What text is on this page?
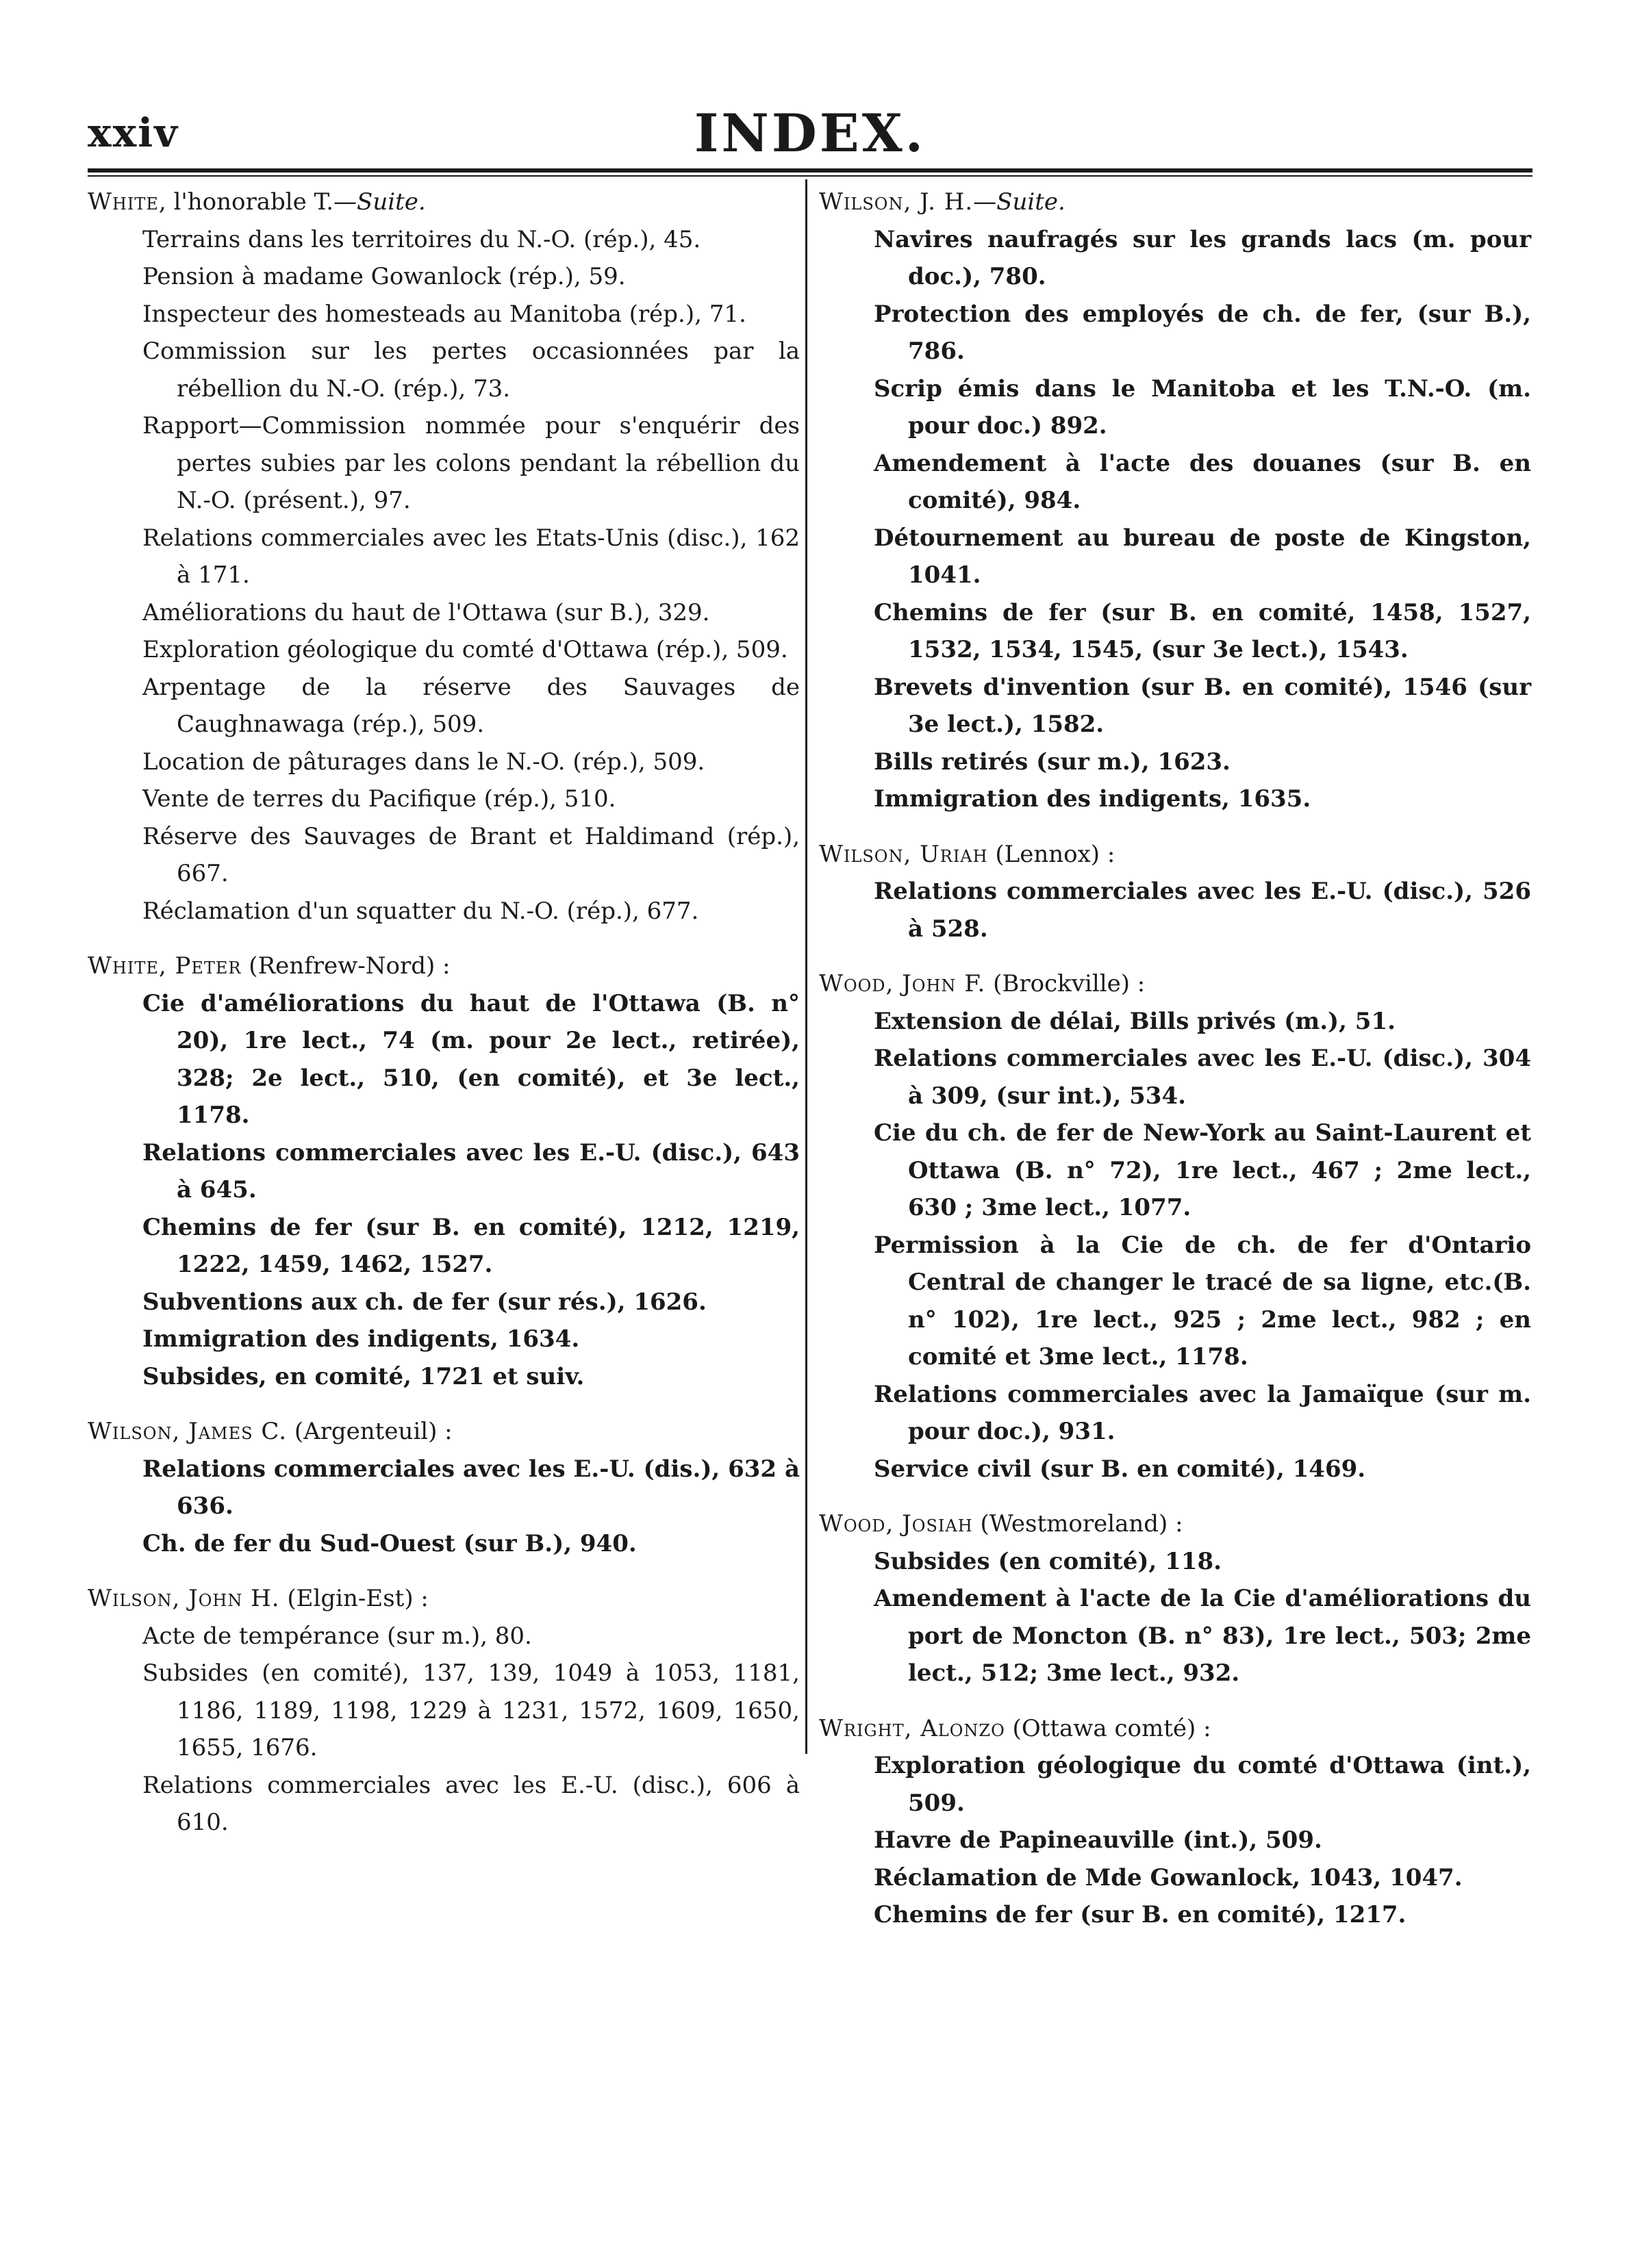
xxiv	INDEX.
White, l'honorable T.—Suite.
Terrains dans les territoires du N.-O. (rép.), 45.
Pension à madame Gowanlock (rép.), 59.
Inspecteur des homesteads au Manitoba (rép.), 71.
Commission sur les pertes occasionnées par la rébellion du N.-O. (rép.), 73.
Rapport—Commission nommée pour s'enquérir des pertes subies par les colons pendant la rébellion du N.-O. (présent.), 97.
Relations commerciales avec les Etats-Unis (disc.), 162 à 171.
Améliorations du haut de l'Ottawa (sur B.), 329.
Exploration géologique du comté d'Ottawa (rép.), 509.
Arpentage de la réserve des Sauvages de Caughnawaga (rép.), 509.
Location de pâturages dans le N.-O. (rép.), 509.
Vente de terres du Pacifique (rép.), 510.
Réserve des Sauvages de Brant et Haldimand (rép.), 667.
Réclamation d'un squatter du N.-O. (rép.), 677.
White, Peter (Renfrew-Nord) :
Cie d'améliorations du haut de l'Ottawa (B. n° 20), 1re lect., 74 (m. pour 2e lect., retirée), 328; 2e lect., 510, (en comité), et 3e lect., 1178.
Relations commerciales avec les E.-U. (disc.), 643 à 645.
Chemins de fer (sur B. en comité), 1212, 1219, 1222, 1459, 1462, 1527.
Subventions aux ch. de fer (sur rés.), 1626.
Immigration des indigents, 1634.
Subsides, en comité, 1721 et suiv.
Wilson, James C. (Argenteuil) :
Relations commerciales avec les E.-U. (dis.), 632 à 636.
Ch. de fer du Sud-Ouest (sur B.), 940.
Wilson, John H. (Elgin-Est) :
Acte de tempérance (sur m.), 80.
Subsides (en comité), 137, 139, 1049 à 1053, 1181, 1186, 1189, 1198, 1229 à 1231, 1572, 1609, 1650, 1655, 1676.
Relations commerciales avec les E.-U. (disc.), 606 à 610.
Wilson, J. H.—Suite.
Navires naufragés sur les grands lacs (m. pour doc.), 780.
Protection des employés de ch. de fer, (sur B.), 786.
Scrip émis dans le Manitoba et les T.N.-O. (m. pour doc.) 892.
Amendement à l'acte des douanes (sur B. en comité), 984.
Détournement au bureau de poste de Kingston, 1041.
Chemins de fer (sur B. en comité, 1458, 1527, 1532, 1534, 1545, (sur 3e lect.), 1543.
Brevets d'invention (sur B. en comité), 1546 (sur 3e lect.), 1582.
Bills retirés (sur m.), 1623.
Immigration des indigents, 1635.
Wilson, Uriah (Lennox) :
Relations commerciales avec les E.-U. (disc.), 526 à 528.
Wood, John F. (Brockville) :
Extension de délai, Bills privés (m.), 51.
Relations commerciales avec les E.-U. (disc.), 304 à 309, (sur int.), 534.
Cie du ch. de fer de New-York au Saint-Laurent et Ottawa (B. n° 72), 1re lect., 467 ; 2me lect., 630 ; 3me lect., 1077.
Permission à la Cie de ch. de fer d'Ontario Central de changer le tracé de sa ligne, etc.(B. n° 102), 1re lect., 925 ; 2me lect., 982 ; en comité et 3me lect., 1178.
Relations commerciales avec la Jamaïque (sur m. pour doc.), 931.
Service civil (sur B. en comité), 1469.
Wood, Josiah (Westmoreland) :
Subsides (en comité), 118.
Amendement à l'acte de la Cie d'améliorations du port de Moncton (B. n° 83), 1re lect., 503; 2me lect., 512; 3me lect., 932.
Wright, Alonzo (Ottawa comté) :
Exploration géologique du comté d'Ottawa (int.), 509.
Havre de Papineauville (int.), 509.
Réclamation de Mde Gowanlock, 1043, 1047.
Chemins de fer (sur B. en comité), 1217.
